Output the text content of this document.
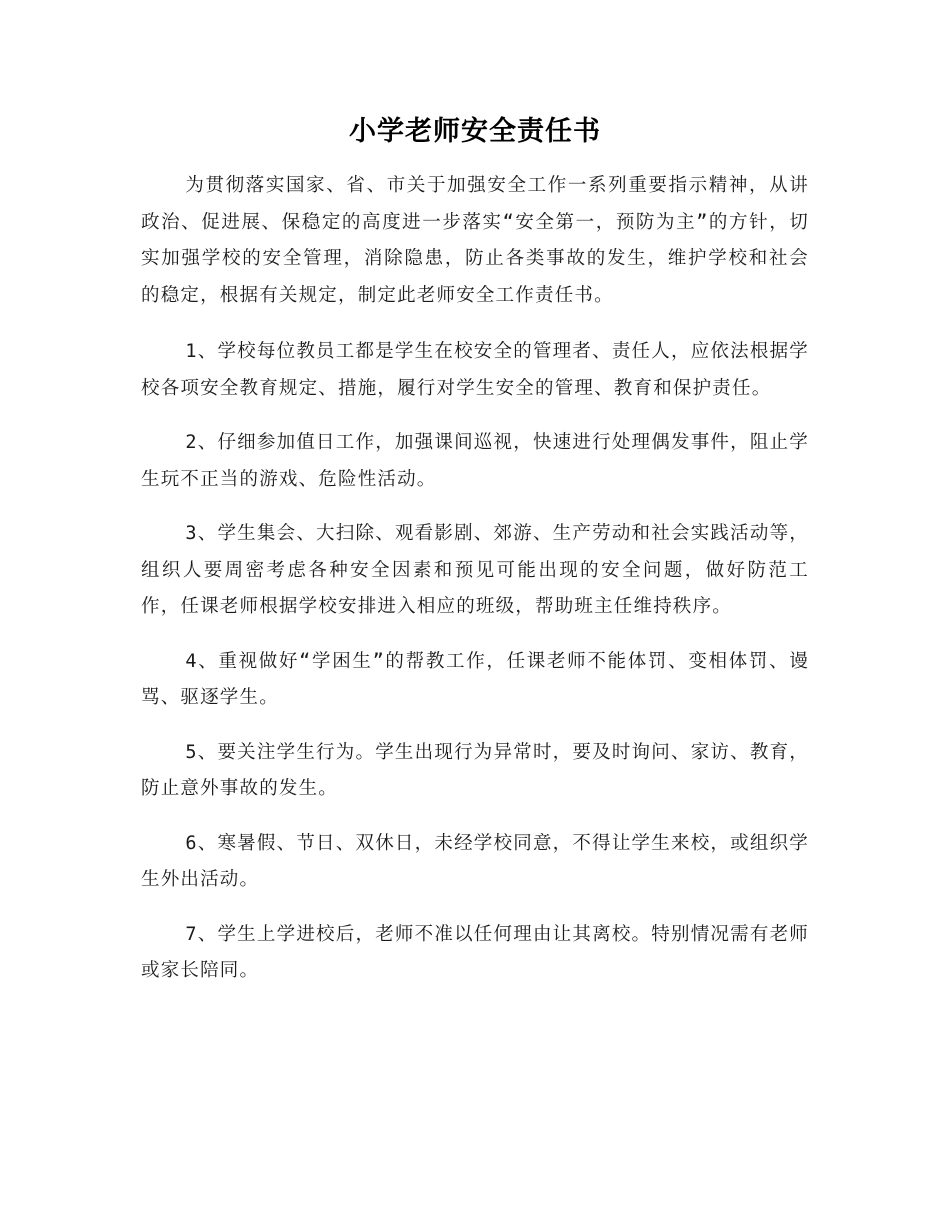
小学老师安全责任书

为贯彻落实国家、省、市关于加强安全工作一系列重要指示精神，从讲政治、促进展、保稳定的高度进一步落实“安全第一，预防为主”的方针，切实加强学校的安全管理，消除隐患，防止各类事故的发生，维护学校和社会的稳定，根据有关规定，制定此老师安全工作责任书。

1、学校每位教员工都是学生在校安全的管理者、责任人，应依法根据学校各项安全教育规定、措施，履行对学生安全的管理、教育和保护责任。

2、仔细参加值日工作，加强课间巡视，快速进行处理偶发事件，阻止学生玩不正当的游戏、危险性活动。

3、学生集会、大扫除、观看影剧、郊游、生产劳动和社会实践活动等，组织人要周密考虑各种安全因素和预见可能出现的安全问题，做好防范工作，任课老师根据学校安排进入相应的班级，帮助班主任维持秩序。

4、重视做好“学困生”的帮教工作，任课老师不能体罚、变相体罚、谩骂、驱逐学生。

5、要关注学生行为。学生出现行为异常时，要及时询问、家访、教育，防止意外事故的发生。

6、寒暑假、节日、双休日，未经学校同意，不得让学生来校，或组织学生外出活动。

7、学生上学进校后，老师不准以任何理由让其离校。特别情况需有老师或家长陪同。
